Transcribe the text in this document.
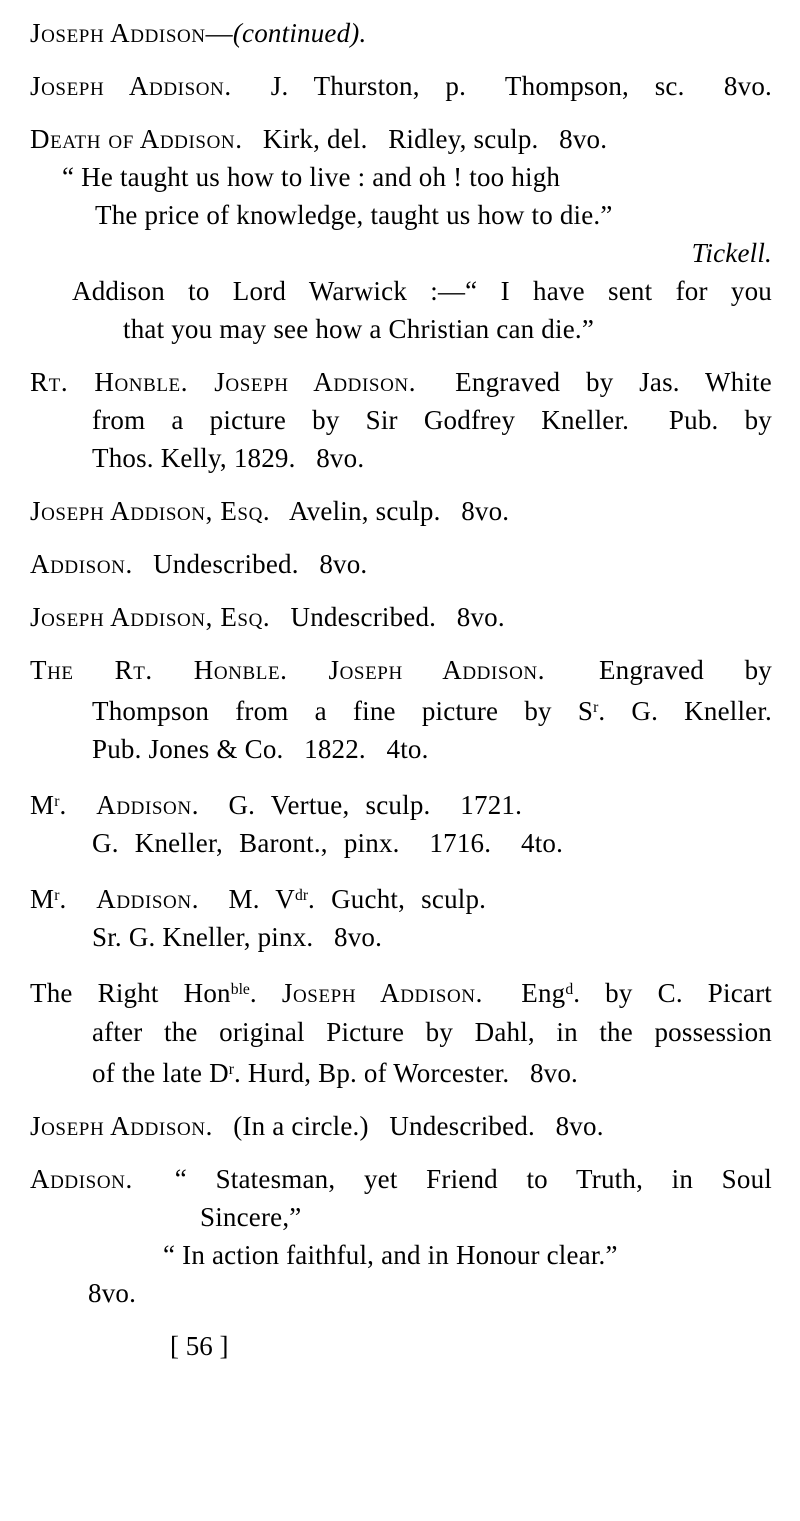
Joseph Addison—(continued).
Joseph Addison.  J. Thurston, p.  Thompson, sc.  8vo.
Death of Addison.  Kirk, del.  Ridley, sculp.  8vo.
“ He taught us how to live : and oh ! too high
The price of knowledge, taught us how to die.”
Tickell.
Addison to Lord Warwick :—“ I have sent for you
that you may see how a Christian can die.”
Rt. Honble. Joseph Addison.  Engraved by Jas. White
from a picture by Sir Godfrey Kneller.  Pub. by
Thos. Kelly, 1829.  8vo.
Joseph Addison, Esq.  Avelin, sculp.  8vo.
Addison.  Undescribed.  8vo.
Joseph Addison, Esq.  Undescribed.  8vo.
The Rt. Honble. Joseph Addison.  Engraved by
Thompson from a fine picture by $S^r$. G. Kneller.
Pub. Jones & Co.  1822.  4to.
$M^r$.  Addison.  G. Vertue, sculp.  1721.
G. Kneller, Baront., pinx.  1716.  4to.
$M^r$.  Addison.  M. $V^{dr}$. Gucht, sculp.
Sr. G. Kneller, pinx.  8vo.
The Right Hon$^{ble}$. Joseph Addison.  Eng$^d$. by C. Picart
after the original Picture by Dahl, in the possession
of the late $D^r$. Hurd, Bp. of Worcester.  8vo.
Joseph Addison.  (In a circle.)  Undescribed.  8vo.
Addison.  “ Statesman, yet Friend to Truth, in Soul
Sincere,”
“ In action faithful, and in Honour clear.”
8vo.
[ 56 ]
